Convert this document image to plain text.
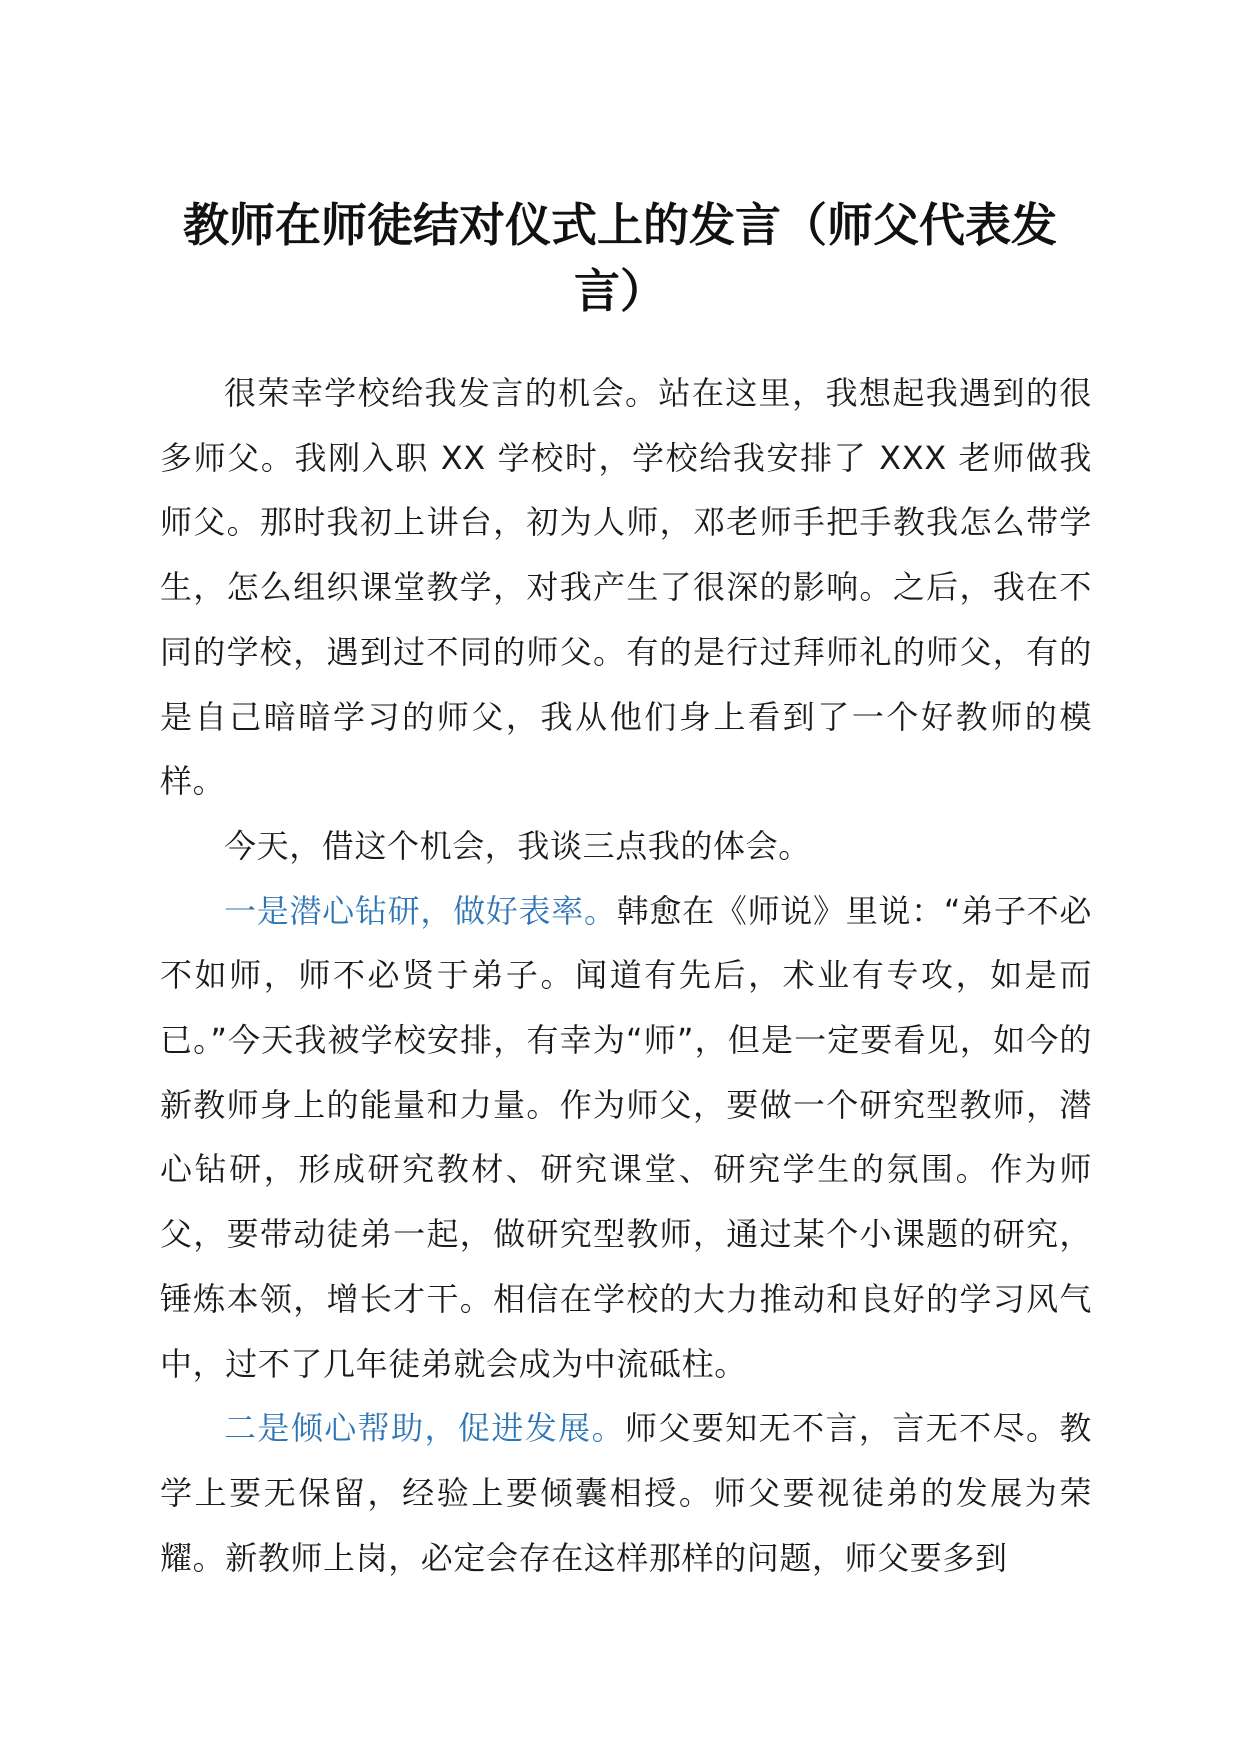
教师在师徒结对仪式上的发言（师父代表发言）

很荣幸学校给我发言的机会。站在这里，我想起我遇到的很多师父。我刚入职 XX 学校时，学校给我安排了 XXX 老师做我师父。那时我初上讲台，初为人师，邓老师手把手教我怎么带学生，怎么组织课堂教学，对我产生了很深的影响。之后，我在不同的学校，遇到过不同的师父。有的是行过拜师礼的师父，有的是自己暗暗学习的师父，我从他们身上看到了一个好教师的模样。

今天，借这个机会，我谈三点我的体会。

一是潜心钻研，做好表率。韩愈在《师说》里说：“弟子不必不如师，师不必贤于弟子。闻道有先后，术业有专攻，如是而已。”今天我被学校安排，有幸为“师”，但是一定要看见，如今的新教师身上的能量和力量。作为师父，要做一个研究型教师，潜心钻研，形成研究教材、研究课堂、研究学生的氛围。作为师父，要带动徒弟一起，做研究型教师，通过某个小课题的研究，锤炼本领，增长才干。相信在学校的大力推动和良好的学习风气中，过不了几年徒弟就会成为中流砥柱。

二是倾心帮助，促进发展。师父要知无不言，言无不尽。教学上要无保留，经验上要倾囊相授。师父要视徒弟的发展为荣耀。新教师上岗，必定会存在这样那样的问题，师父要多到
